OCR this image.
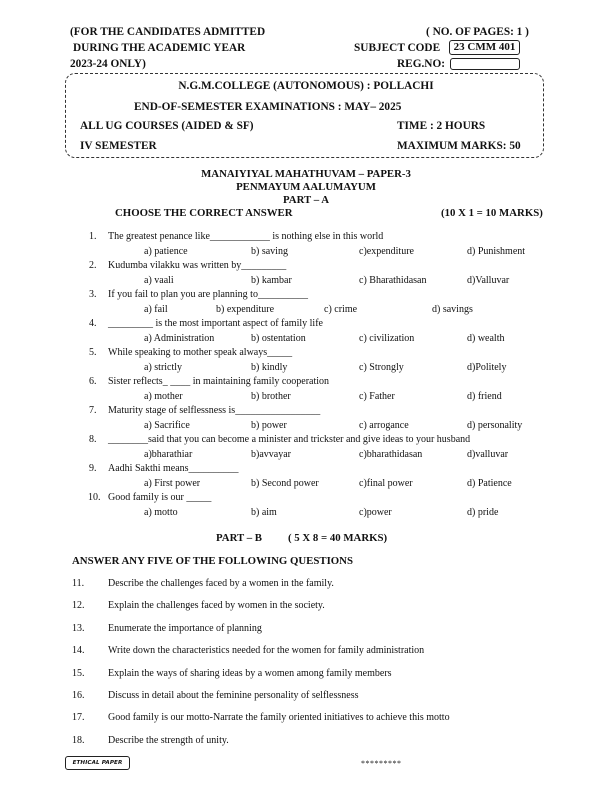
(FOR THE CANDIDATES ADMITTED
DURING THE ACADEMIC YEAR
2023-24 ONLY)
( NO. OF PAGES: 1 )
SUBJECT CODE	23 CMM 401
REG.NO:
N.G.M.COLLEGE (AUTONOMOUS) : POLLACHI
END-OF-SEMESTER EXAMINATIONS : MAY– 2025
ALL UG COURSES (AIDED & SF)	TIME : 2 HOURS
IV SEMESTER	MAXIMUM MARKS: 50
MANAIYIYAL MAHATHUVAM – PAPER-3
PENMAYUM AALUMAYUM
PART – A
CHOOSE THE CORRECT ANSWER	(10 X 1 = 10 MARKS)
1. The greatest penance like____________ is nothing else in this world
a) patience	b) saving	c)expenditure	d) Punishment
2. Kudumba vilakku was written by_________
a) vaali	b) kambar	c) Bharathidasan	d)Valluvar
3. If you fail to plan you are planning to__________
a) fail	b) expenditure	c) crime	d) savings
4. _________ is the most important aspect of family life
a) Administration	b) ostentation	c) civilization	d) wealth
5. While speaking to mother speak always_____
a) strictly	b) kindly	c) Strongly	d)Politely
6. Sister reflects_ ____ in maintaining family cooperation
a) mother	b) brother	c) Father	d) friend
7. Maturity stage of selflessness is_________________
a) Sacrifice	b) power	c) arrogance	d) personality
8. ________said that you can become a minister and trickster and give ideas to your husband
a)bharathiar	b)avvayar	c)bharathidasan	d)valluvar
9. Aadhi Sakthi means__________
a) First power	b) Second power	c)final power	d) Patience
10. Good family is our _____
a) motto	b) aim	c)power	d) pride
PART – B ( 5 X 8 = 40 MARKS)
ANSWER ANY FIVE OF THE FOLLOWING QUESTIONS
11. Describe the challenges faced by a women in the family.
12. Explain the challenges faced by women in the society.
13. Enumerate the importance of planning
14. Write down the characteristics needed for the women for family administration
15. Explain the ways of sharing ideas by a women among family members
16. Discuss in detail about the feminine personality of selflessness
17. Good family is our motto-Narrate the family oriented initiatives to achieve this motto
18. Describe the strength of unity.
ETHICAL PAPER	*********
